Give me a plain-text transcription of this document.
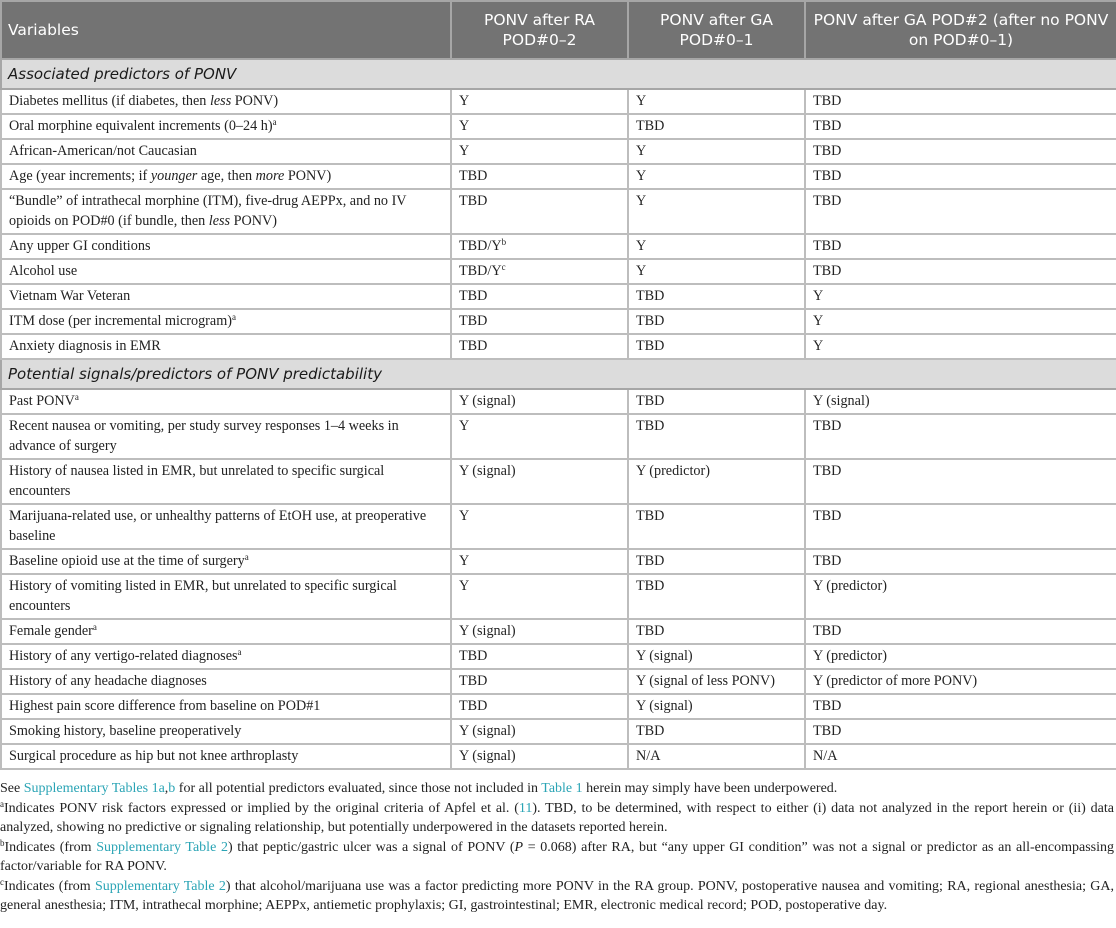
Variables	PONV after RA POD#0–2	PONV after GA POD#0–1	PONV after GA POD#2 (after no PONV on POD#0–1)
Associated predictors of PONV			
Diabetes mellitus (if diabetes, then less PONV)	Y	Y	TBD
Oral morphine equivalent increments (0–24 h)$^a$	Y	TBD	TBD
African-American/not Caucasian	Y	Y	TBD
Age (year increments; if younger age, then more PONV)	TBD	Y	TBD
“Bundle” of intrathecal morphine (ITM), five-drug AEPPx, and no IV opioids on POD#0 (if bundle, then less PONV)	TBD	Y	TBD
Any upper GI conditions	TBD/$Y^b$	Y	TBD
Alcohol use	TBD/$Y^c$	Y	TBD
Vietnam War Veteran	TBD	TBD	Y
ITM dose (per incremental microgram)$^a$	TBD	TBD	Y
Anxiety diagnosis in EMR	TBD	TBD	Y
Potential signals/predictors of PONV predictability			
Past PONV$^a$	Y (signal)	TBD	Y (signal)
Recent nausea or vomiting, per study survey responses 1–4 weeks in advance of surgery	Y	TBD	TBD
History of nausea listed in EMR, but unrelated to specific surgical encounters	Y (signal)	Y (predictor)	TBD
Marijuana-related use, or unhealthy patterns of EtOH use, at preoperative baseline	Y	TBD	TBD
Baseline opioid use at the time of surgery$^a$	Y	TBD	TBD
History of vomiting listed in EMR, but unrelated to specific surgical encounters	Y	TBD	Y (predictor)
Female gender$^a$	Y (signal)	TBD	TBD
History of any vertigo-related diagnoses$^a$	TBD	Y (signal)	Y (predictor)
History of any headache diagnoses	TBD	Y (signal of less PONV)	Y (predictor of more PONV)
Highest pain score difference from baseline on POD#1	TBD	Y (signal)	TBD
Smoking history, baseline preoperatively	Y (signal)	TBD	TBD
Surgical procedure as hip but not knee arthroplasty	Y (signal)	N/A	N/A

See Supplementary Tables 1a,b for all potential predictors evaluated, since those not included in Table 1 herein may simply have been underpowered.

$^a$Indicates PONV risk factors expressed or implied by the original criteria of Apfel et al. (11). TBD, to be determined, with respect to either (i) data not analyzed in the report herein or (ii) data analyzed, showing no predictive or signaling relationship, but potentially underpowered in the datasets reported herein.

$^b$Indicates (from Supplementary Table 2) that peptic/gastric ulcer was a signal of PONV (P = 0.068) after RA, but “any upper GI condition” was not a signal or predictor as an all-encompassing factor/variable for RA PONV.

$^c$Indicates (from Supplementary Table 2) that alcohol/marijuana use was a factor predicting more PONV in the RA group. PONV, postoperative nausea and vomiting; RA, regional anesthesia; GA, general anesthesia; ITM, intrathecal morphine; AEPPx, antiemetic prophylaxis; GI, gastrointestinal; EMR, electronic medical record; POD, postoperative day.
